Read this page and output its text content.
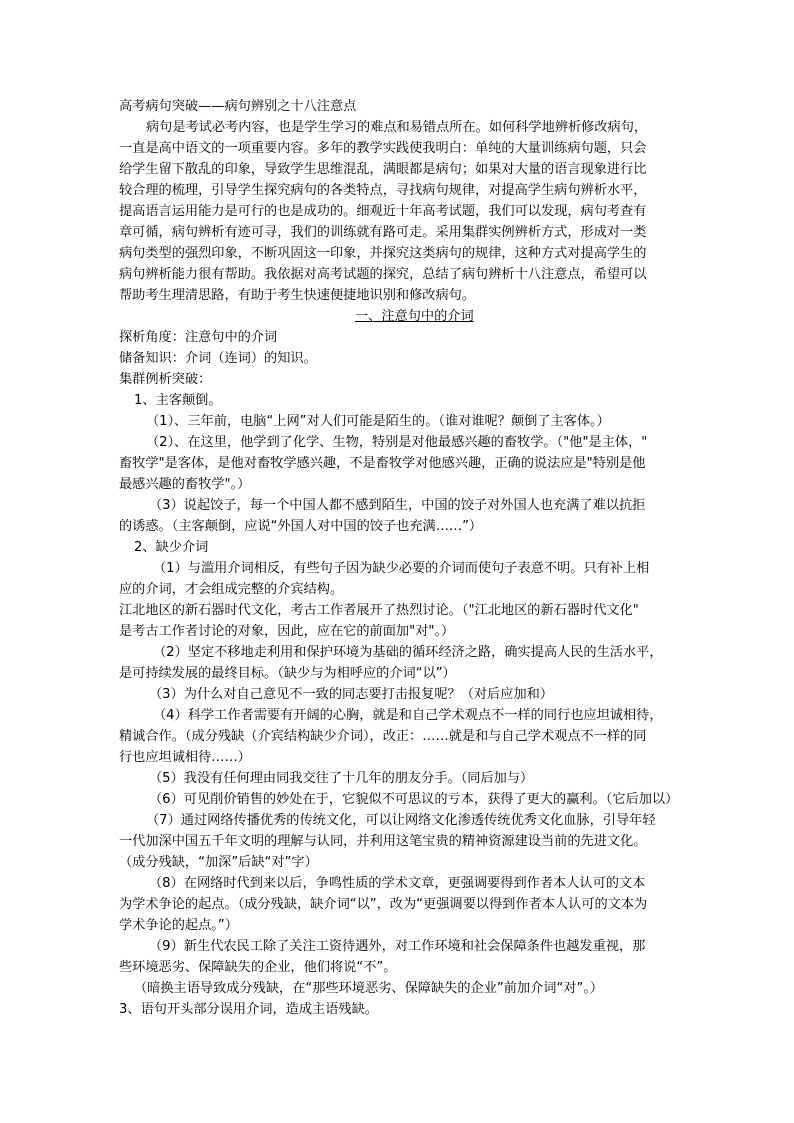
高考病句突破——病句辨别之十八注意点
病句是考试必考内容，也是学生学习的难点和易错点所在。如何科学地辨析修改病句，
一直是高中语文的一项重要内容。多年的教学实践使我明白：单纯的大量训练病句题，只会
给学生留下散乱的印象，导致学生思维混乱，满眼都是病句；如果对大量的语言现象进行比
较合理的梳理，引导学生探究病句的各类特点，寻找病句规律，对提高学生病句辨析水平，
提高语言运用能力是可行的也是成功的。细观近十年高考试题，我们可以发现，病句考查有
章可循，病句辨析有迹可寻，我们的训练就有路可走。采用集群实例辨析方式，形成对一类
病句类型的强烈印象，不断巩固这一印象，并探究这类病句的规律，这种方式对提高学生的
病句辨析能力很有帮助。我依据对高考试题的探究，总结了病句辨析十八注意点，希望可以
帮助考生理清思路，有助于考生快速便捷地识别和修改病句。
一、注意句中的介词
探析角度：注意句中的介词
储备知识：介词（连词）的知识。
集群例析突破：
1、主客颠倒。
（1）、三年前，电脑“上网”对人们可能是陌生的。（谁对谁呢？颠倒了主客体。）
（2）、在这里，他学到了化学、生物，特别是对他最感兴趣的畜牧学。（"他"是主体，"
畜牧学"是客体，是他对畜牧学感兴趣，不是畜牧学对他感兴趣，正确的说法应是"特别是他
最感兴趣的畜牧学"。）
（3）说起饺子，每一个中国人都不感到陌生，中国的饺子对外国人也充满了难以抗拒
的诱惑。（主客颠倒，应说“外国人对中国的饺子也充满……”）
2、缺少介词
（1）与滥用介词相反，有些句子因为缺少必要的介词而使句子表意不明。只有补上相
应的介词，才会组成完整的介宾结构。
江北地区的新石器时代文化，考古工作者展开了热烈讨论。（"江北地区的新石器时代文化"
是考古工作者讨论的对象，因此，应在它的前面加"对"。）
（2）坚定不移地走利用和保护环境为基础的循环经济之路，确实提高人民的生活水平，
是可持续发展的最终目标。（缺少与为相呼应的介词“以”）
（3）为什么对自己意见不一致的同志要打击报复呢？（对后应加和）
（4）科学工作者需要有开阔的心胸，就是和自己学术观点不一样的同行也应坦诚相待，
精诚合作。（成分残缺（介宾结构缺少介词），改正：……就是和与自己学术观点不一样的同
行也应坦诚相待……）
（5）我没有任何理由同我交往了十几年的朋友分手。（同后加与）
（6）可见削价销售的妙处在于，它貌似不可思议的亏本，获得了更大的赢利。（它后加以）
（7）通过网络传播优秀的传统文化，可以让网络文化渗透传统优秀文化血脉，引导年轻
一代加深中国五千年文明的理解与认同，并利用这笔宝贵的精神资源建设当前的先进文化。
（成分残缺，“加深”后缺“对”字）
（8）在网络时代到来以后，争鸣性质的学术文章，更强调要得到作者本人认可的文本
为学术争论的起点。（成分残缺，缺介词“以”，改为“更强调要以得到作者本人认可的文本为
学术争论的起点。”）
（9）新生代农民工除了关注工资待遇外，对工作环境和社会保障条件也越发重视，那
些环境恶劣、保障缺失的企业，他们将说“不”。
（暗换主语导致成分残缺，在“那些环境恶劣、保障缺失的企业”前加介词“对”。）
3、语句开头部分误用介词，造成主语残缺。
